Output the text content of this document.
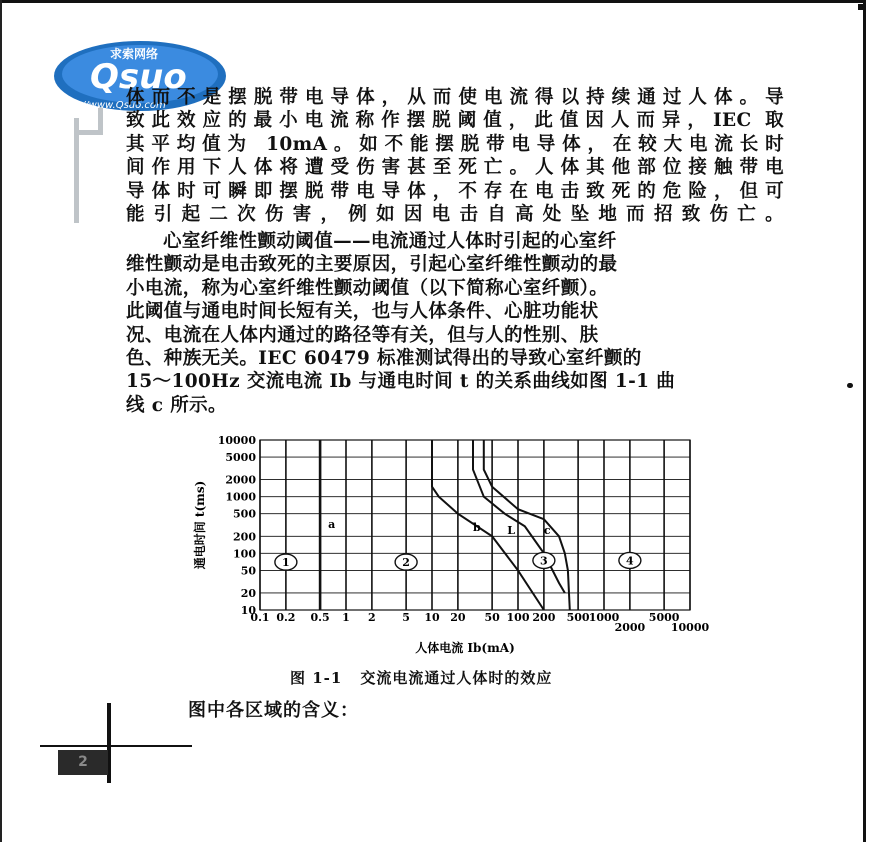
求索网络
Qsuo
http://www.Qsuo.com

体而不是摆脱带电导体，从而使电流得以持续通过人体。导
致此效应的最小电流称作摆脱阈值，此值因人而异，IEC 取
其平均值为 10mA。如不能摆脱带电导体，在较大电流长时
间作用下人体将遭受伤害甚至死亡。人体其他部位接触带电
导体时可瞬即摆脱带电导体，不存在电击致死的危险，但可
能引起二次伤害，例如因电击自高处坠地而招致伤亡。

心室纤维性颤动阈值——电流通过人体时引起的心室纤
维性颤动是电击致死的主要原因，引起心室纤维性颤动的最
小电流，称为心室纤维性颤动阈值（以下简称心室纤颤）。
此阈值与通电时间长短有关，也与人体条件、心脏功能状
况、电流在人体内通过的路径等有关，但与人的性别、肤
色、种族无关。IEC 60479 标准测试得出的导致心室纤颤的
15～100Hz 交流电流 Ib 与通电时间 t 的关系曲线如图 1-1 曲
线 c 所示。

0.1 0.2 0.5 1 2 5 10 20 50 100 200 500 1000
2000
5000
10000
10
20
50
100
200
500
1000
2000
5000
10000
人体电流 Ib(mA)
通电时间 t(ms)	a	b L	c
1	2	3	4
图 1-1 交流电流通过人体时的效应
图中各区域的含义：
2
